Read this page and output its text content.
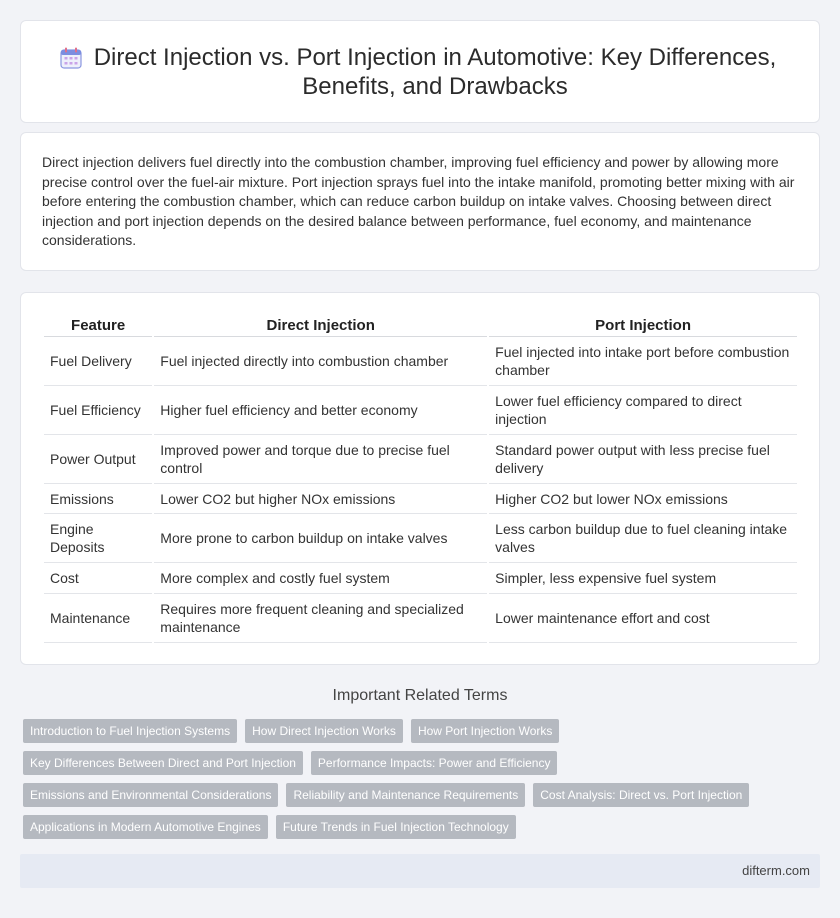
Direct Injection vs. Port Injection in Automotive: Key Differences, Benefits, and Drawbacks

Direct injection delivers fuel directly into the combustion chamber, improving fuel efficiency and power by allowing more precise control over the fuel-air mixture. Port injection sprays fuel into the intake manifold, promoting better mixing with air before entering the combustion chamber, which can reduce carbon buildup on intake valves. Choosing between direct injection and port injection depends on the desired balance between performance, fuel economy, and maintenance considerations.

Feature	Direct Injection	Port Injection
Fuel Delivery	Fuel injected directly into combustion chamber	Fuel injected into intake port before combustion chamber
Fuel Efficiency	Higher fuel efficiency and better economy	Lower fuel efficiency compared to direct injection
Power Output	Improved power and torque due to precise fuel control	Standard power output with less precise fuel delivery
Emissions	Lower CO2 but higher NOx emissions	Higher CO2 but lower NOx emissions
Engine Deposits	More prone to carbon buildup on intake valves	Less carbon buildup due to fuel cleaning intake valves
Cost	More complex and costly fuel system	Simpler, less expensive fuel system
Maintenance	Requires more frequent cleaning and specialized maintenance	Lower maintenance effort and cost
Important Related Terms
Introduction to Fuel Injection Systems	How Direct Injection Works	How Port Injection Works
Key Differences Between Direct and Port Injection	Performance Impacts: Power and Efficiency
Emissions and Environmental Considerations	Reliability and Maintenance Requirements	Cost Analysis: Direct vs. Port Injection
Applications in Modern Automotive Engines	Future Trends in Fuel Injection Technology
difterm.com
